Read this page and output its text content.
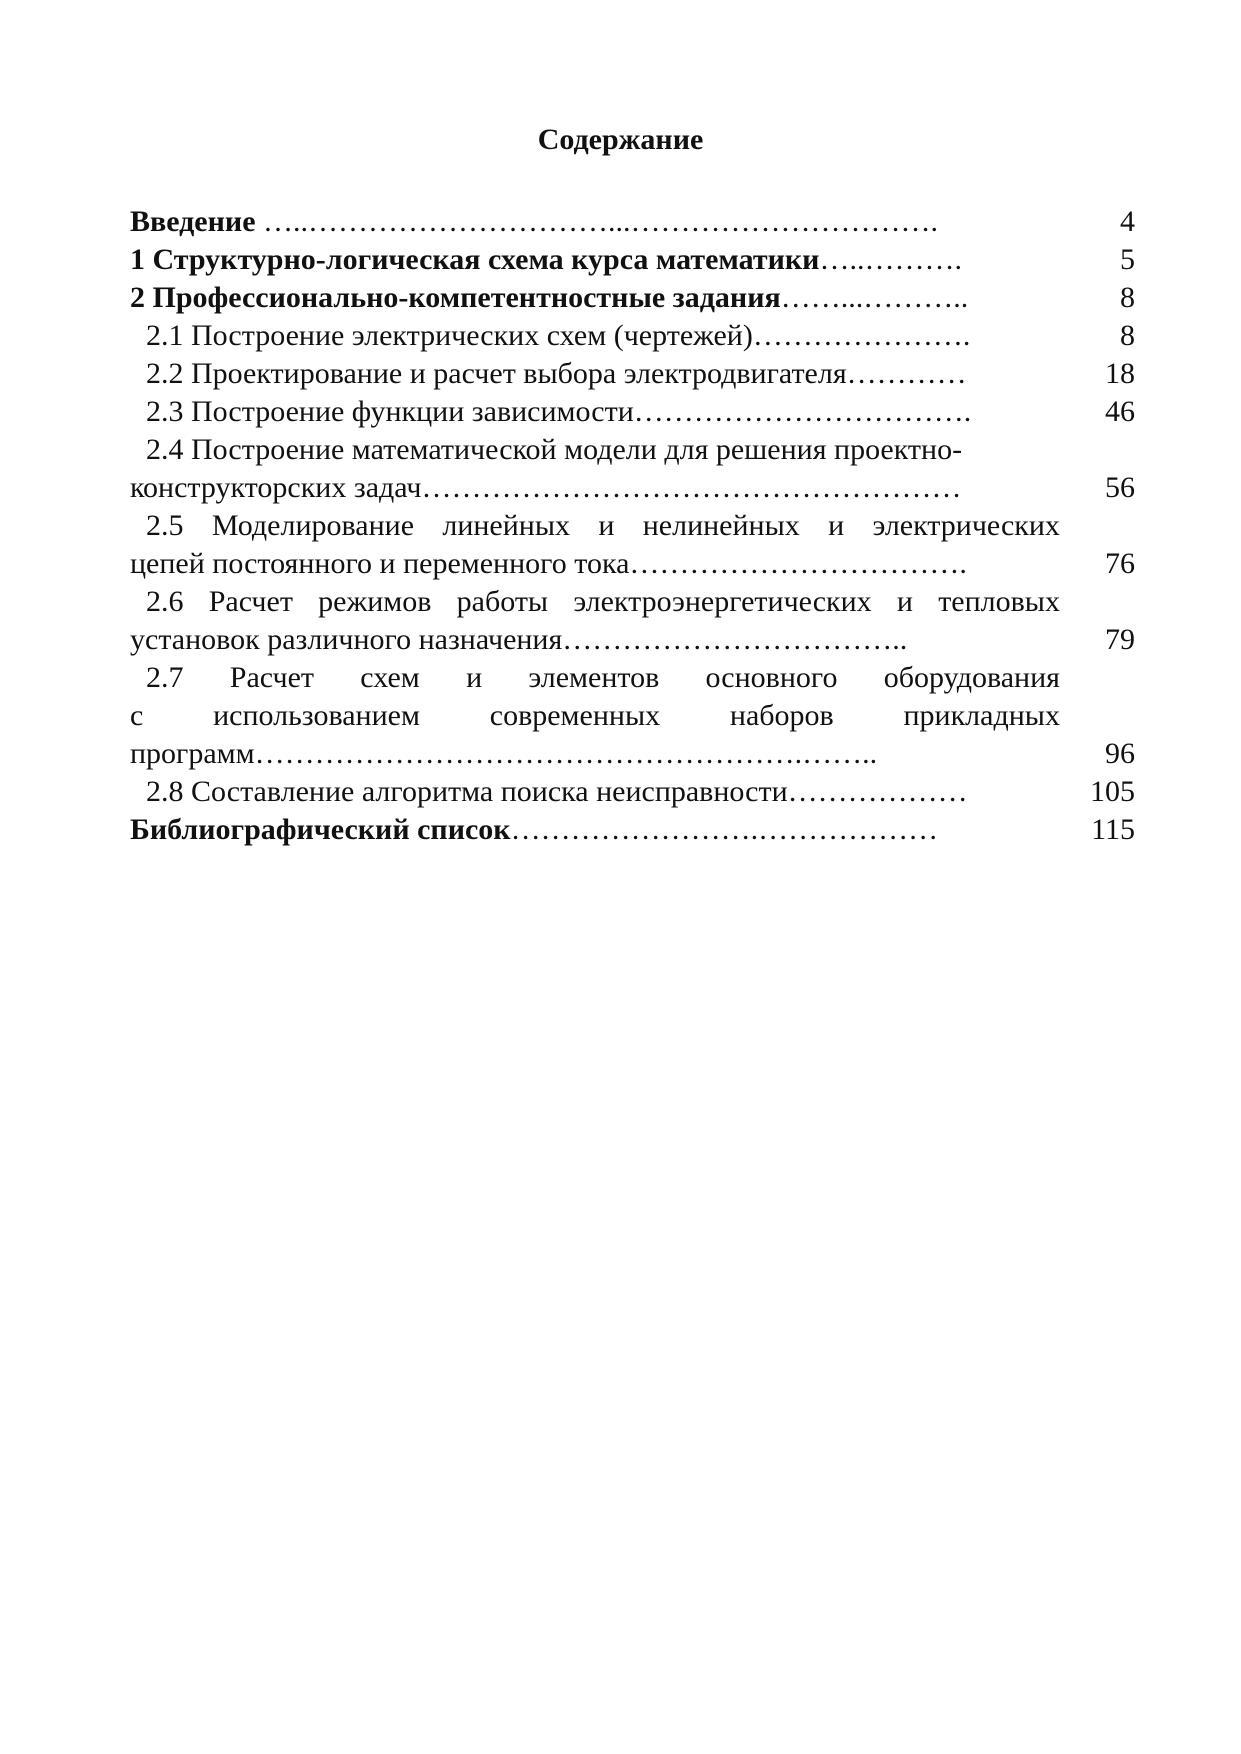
Содержание
Введение …..…………………………...………………………….	4
1 Структурно-логическая схема курса математики…..……….	5
2 Профессионально-компетентностные задания……...………..	8
2.1 Построение электрических схем (чертежей)………………….	8
2.2 Проектирование и расчет выбора электродвигателя…………	18
2.3 Построение функции зависимости…………………………….	46
2.4 Построение математической модели для решения проектно-
конструкторских задач………………………………………………	56
2.5 Моделирование линейных и нелинейных и электрических
цепей постоянного и переменного тока…………………………….	76
2.6 Расчет режимов работы электроэнергетических и тепловых
установок различного назначения……………………………..	79
2.7 Расчет схем и элементов основного оборудования
с использованием современных наборов прикладных
программ……………………………………………….……..	96
2.8 Составление алгоритма поиска неисправности………………	105
Библиографический список…………………….………………	115
